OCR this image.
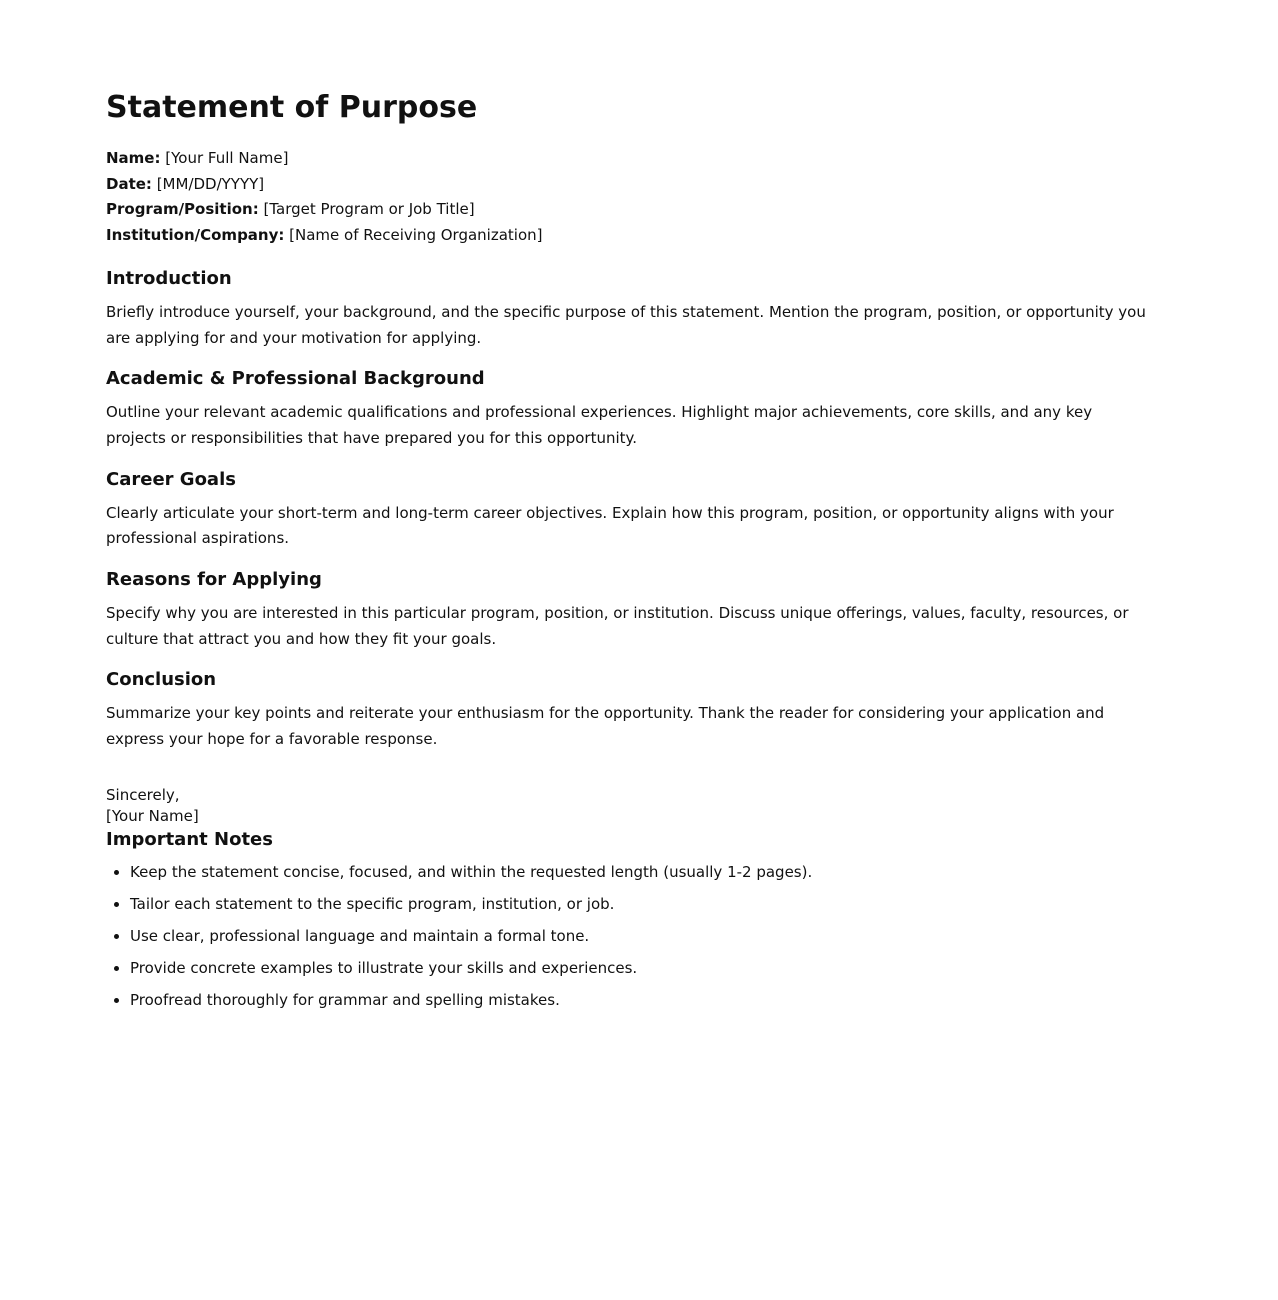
Statement of Purpose
Name: [Your Full Name]
Date: [MM/DD/YYYY]
Program/Position: [Target Program or Job Title]
Institution/Company: [Name of Receiving Organization]
Introduction

Briefly introduce yourself, your background, and the specific purpose of this statement. Mention the program, position, or opportunity you are applying for and your motivation for applying.

Academic & Professional Background

Outline your relevant academic qualifications and professional experiences. Highlight major achievements, core skills, and any key projects or responsibilities that have prepared you for this opportunity.

Career Goals

Clearly articulate your short-term and long-term career objectives. Explain how this program, position, or opportunity aligns with your professional aspirations.

Reasons for Applying

Specify why you are interested in this particular program, position, or institution. Discuss unique offerings, values, faculty, resources, or culture that attract you and how they fit your goals.

Conclusion

Summarize your key points and reiterate your enthusiasm for the opportunity. Thank the reader for considering your application and express your hope for a favorable response.

Sincerely,
[Your Name]
Important Notes
• Keep the statement concise, focused, and within the requested length (usually 1-2 pages).
• Tailor each statement to the specific program, institution, or job.
• Use clear, professional language and maintain a formal tone.
• Provide concrete examples to illustrate your skills and experiences.
• Proofread thoroughly for grammar and spelling mistakes.
